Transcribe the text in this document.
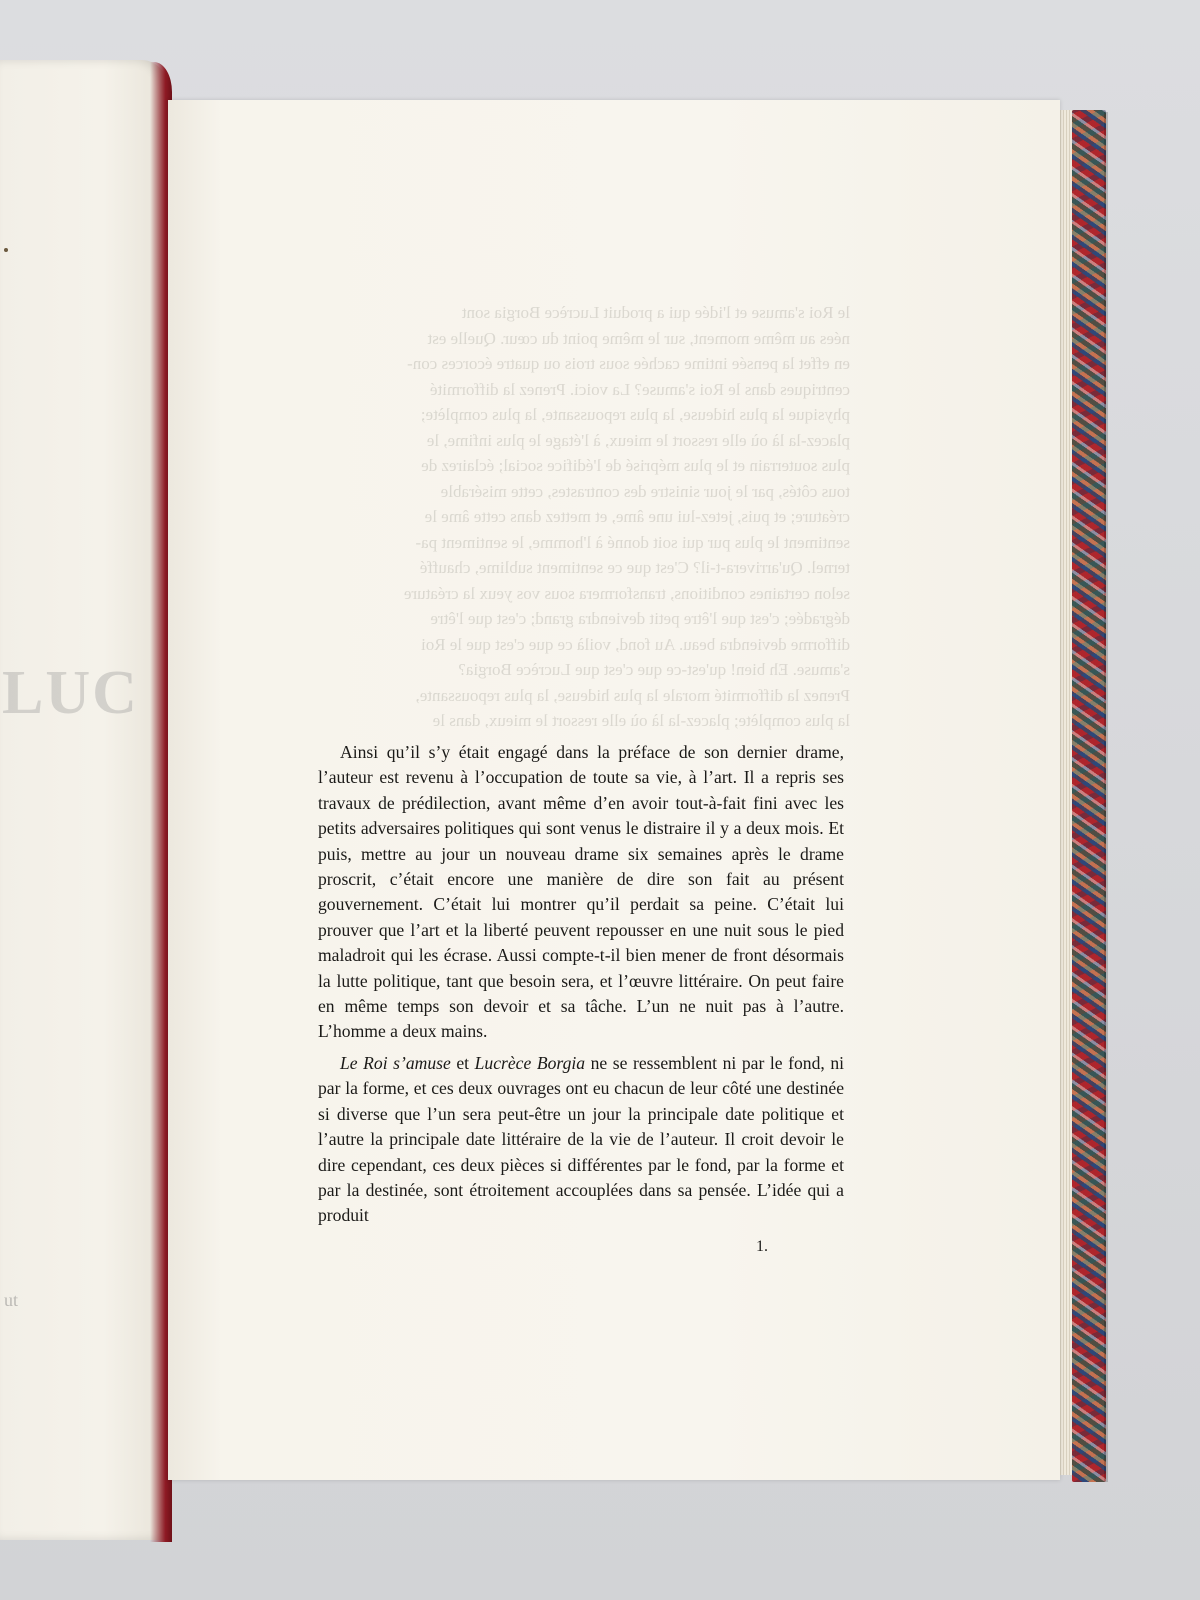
LUC
ut
le Roi s'amuse et l'idée qui a produit Lucrèce Borgia sont
nées au même moment, sur le même point du cœur. Quelle est
en effet la pensée intime cachée sous trois ou quatre écorces con-
centriques dans le Roi s'amuse? La voici. Prenez la difformité
physique la plus hideuse, la plus repoussante, la plus complète;
placez-la là où elle ressort le mieux, à l'étage le plus infime, le
plus souterrain et le plus méprisé de l'édifice social; éclairez de
tous côtés, par le jour sinistre des contrastes, cette misérable
créature; et puis, jetez-lui une âme, et mettez dans cette âme le
sentiment le plus pur qui soit donné à l'homme, le sentiment pa-
ternel. Qu'arrivera-t-il? C'est que ce sentiment sublime, chauffé
selon certaines conditions, transformera sous vos yeux la créature
dégradée; c'est que l'être petit deviendra grand; c'est que l'être
difforme deviendra beau. Au fond, voilà ce que c'est que le Roi
s'amuse. Eh bien! qu'est-ce que c'est que Lucrèce Borgia?
Prenez la difformité morale la plus hideuse, la plus repoussante,
la plus complète; placez-la là où elle ressort le mieux, dans le

Ainsi qu’il s’y était engagé dans la préface de son dernier drame, l’auteur est revenu à l’occupation de toute sa vie, à l’art. Il a repris ses travaux de prédilection, avant même d’en avoir tout-à-fait fini avec les petits adversaires politiques qui sont venus le distraire il y a deux mois. Et puis, mettre au jour un nouveau drame six semaines après le drame proscrit, c’était encore une manière de dire son fait au présent gouvernement. C’était lui montrer qu’il perdait sa peine. C’était lui prouver que l’art et la liberté peuvent repousser en une nuit sous le pied maladroit qui les écrase. Aussi compte-t-il bien mener de front désormais la lutte politique, tant que besoin sera, et l’œuvre littéraire. On peut faire en même temps son devoir et sa tâche. L’un ne nuit pas à l’autre. L’homme a deux mains.

Le Roi s’amuse et Lucrèce Borgia ne se ressemblent ni par le fond, ni par la forme, et ces deux ouvrages ont eu chacun de leur côté une destinée si diverse que l’un sera peut-être un jour la principale date politique et l’autre la principale date littéraire de la vie de l’auteur. Il croit devoir le dire cependant, ces deux pièces si différentes par le fond, par la forme et par la destinée, sont étroitement accouplées dans sa pensée. L’idée qui a produit

1.
